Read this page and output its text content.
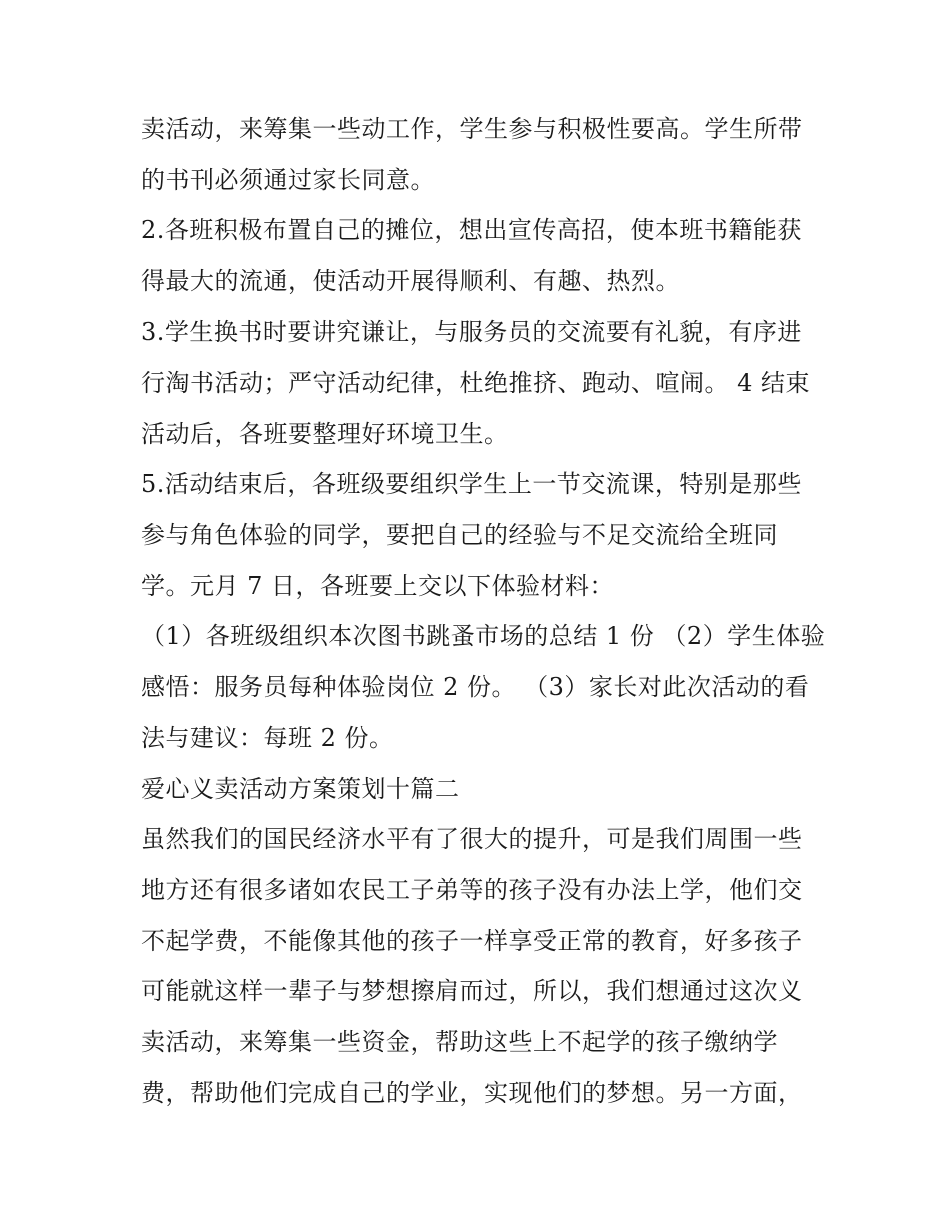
卖活动，来筹集一些动工作，学生参与积极性要高。学生所带
的书刊必须通过家长同意。
2.各班积极布置自己的摊位，想出宣传高招，使本班书籍能获
得最大的流通，使活动开展得顺利、有趣、热烈。
3.学生换书时要讲究谦让，与服务员的交流要有礼貌，有序进
行淘书活动；严守活动纪律，杜绝推挤、跑动、喧闹。 4 结束
活动后，各班要整理好环境卫生。
5.活动结束后，各班级要组织学生上一节交流课，特别是那些
参与角色体验的同学，要把自己的经验与不足交流给全班同
学。元月 7 日，各班要上交以下体验材料：
（1）各班级组织本次图书跳蚤市场的总结 1 份 （2）学生体验
感悟：服务员每种体验岗位 2 份。 （3）家长对此次活动的看
法与建议：每班 2 份。
爱心义卖活动方案策划十篇二
虽然我们的国民经济水平有了很大的提升，可是我们周围一些
地方还有很多诸如农民工子弟等的孩子没有办法上学，他们交
不起学费，不能像其他的孩子一样享受正常的教育，好多孩子
可能就这样一辈子与梦想擦肩而过，所以，我们想通过这次义
卖活动，来筹集一些资金，帮助这些上不起学的孩子缴纳学
费，帮助他们完成自己的学业，实现他们的梦想。另一方面，
